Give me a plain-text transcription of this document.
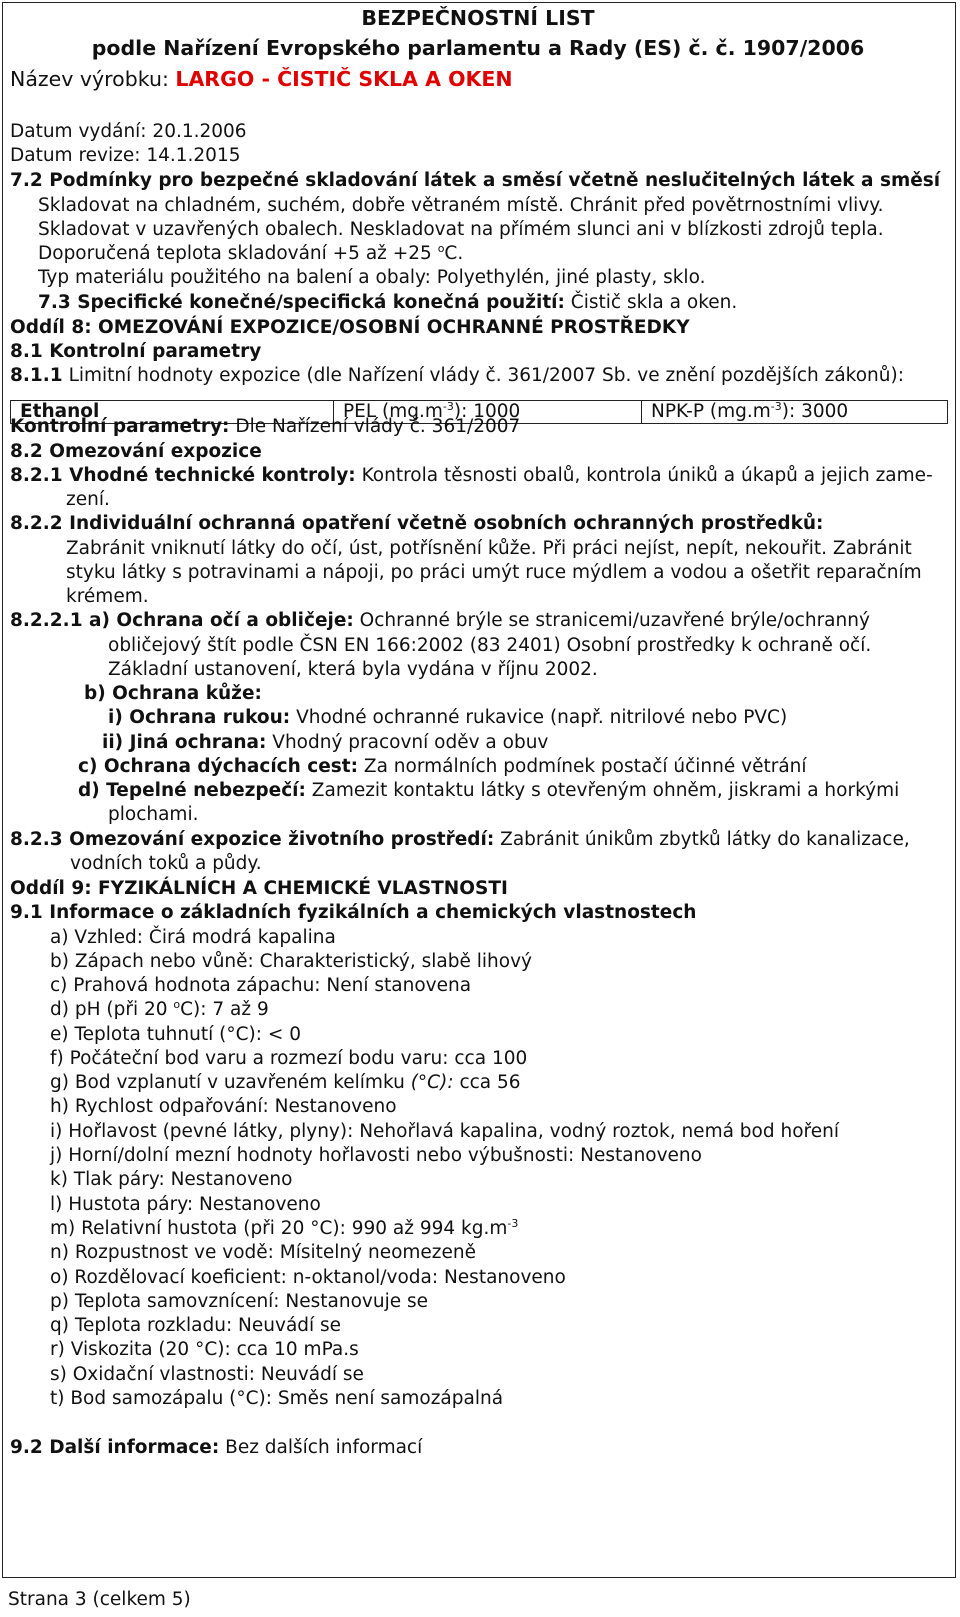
BEZPEČNOSTNÍ LIST
podle Nařízení Evropského parlamentu a Rady (ES) č. č. 1907/2006
Název výrobku: LARGO - ČISTIČ SKLA A OKEN
Datum vydání: 20.1.2006
Datum revize: 14.1.2015
7.2 Podmínky pro bezpečné skladování látek a směsí včetně neslučitelných látek a směsí
Skladovat na chladném, suchém, dobře větraném místě. Chránit před povětrnostními vlivy.
Skladovat v uzavřených obalech. Neskladovat na přímém slunci ani v blízkosti zdrojů tepla.
Doporučená teplota skladování +5 až +25 $^o$C.
Typ materiálu použitého na balení a obaly: Polyethylén, jiné plasty, sklo.
7.3 Specifické konečné/specifická konečná použití: Čistič skla a oken.
Oddíl 8: OMEZOVÁNÍ EXPOZICE/OSOBNÍ OCHRANNÉ PROSTŘEDKY
8.1 Kontrolní parametry
8.1.1 Limitní hodnoty expozice (dle Nařízení vlády č. 361/2007 Sb. ve znění pozdějších zákonů):
Ethanol	PEL $(mg.m^{-3})$: 1000	NPK-P $(mg.m^{-3})$: 3000
Kontrolní parametry: Dle Nařízení vlády č. 361/2007
8.2 Omezování expozice
8.2.1 Vhodné technické kontroly: Kontrola těsnosti obalů, kontrola úniků a úkapů a jejich zame-
zení.
8.2.2 Individuální ochranná opatření včetně osobních ochranných prostředků:
Zabránit vniknutí látky do očí, úst, potřísnění kůže. Při práci nejíst, nepít, nekouřit. Zabránit
styku látky s potravinami a nápoji, po práci umýt ruce mýdlem a vodou a ošetřit reparačním
krémem.
8.2.2.1 a) Ochrana očí a obličeje: Ochranné brýle se stranicemi/uzavřené brýle/ochranný
obličejový štít podle ČSN EN 166:2002 (83 2401) Osobní prostředky k ochraně očí.
Základní ustanovení, která byla vydána v říjnu 2002.
b) Ochrana kůže:
i) Ochrana rukou: Vhodné ochranné rukavice (např. nitrilové nebo PVC)
ii) Jiná ochrana: Vhodný pracovní oděv a obuv
c) Ochrana dýchacích cest: Za normálních podmínek postačí účinné větrání
d) Tepelné nebezpečí: Zamezit kontaktu látky s otevřeným ohněm, jiskrami a horkými
plochami.
8.2.3 Omezování expozice životního prostředí: Zabránit únikům zbytků látky do kanalizace,
vodních toků a půdy.
Oddíl 9: FYZIKÁLNÍCH A CHEMICKÉ VLASTNOSTI
9.1 Informace o základních fyzikálních a chemických vlastnostech
a) Vzhled: Čirá modrá kapalina
b) Zápach nebo vůně: Charakteristický, slabě lihový
c) Prahová hodnota zápachu: Není stanovena
d) pH (při 20 $^o$C): 7 až 9
e) Teplota tuhnutí (°C): < 0
f) Počáteční bod varu a rozmezí bodu varu: cca 100
g) Bod vzplanutí v uzavřeném kelímku (°C): cca 56
h) Rychlost odpařování: Nestanoveno
i) Hořlavost (pevné látky, plyny): Nehořlavá kapalina, vodný roztok, nemá bod hoření
j) Horní/dolní mezní hodnoty hořlavosti nebo výbušnosti: Nestanoveno
k) Tlak páry: Nestanoveno
l) Hustota páry: Nestanoveno
m) Relativní hustota (při 20 °C): 990 až 994 $kg.m^{-3}$
n) Rozpustnost ve vodě: Mísitelný neomezeně
o) Rozdělovací koeficient: n-oktanol/voda: Nestanoveno
p) Teplota samovznícení: Nestanovuje se
q) Teplota rozkladu: Neuvádí se
r) Viskozita (20 °C): cca 10 mPa.s
s) Oxidační vlastnosti: Neuvádí se
t) Bod samozápalu (°C): Směs není samozápalná
9.2 Další informace: Bez dalších informací
Strana 3 (celkem 5)
